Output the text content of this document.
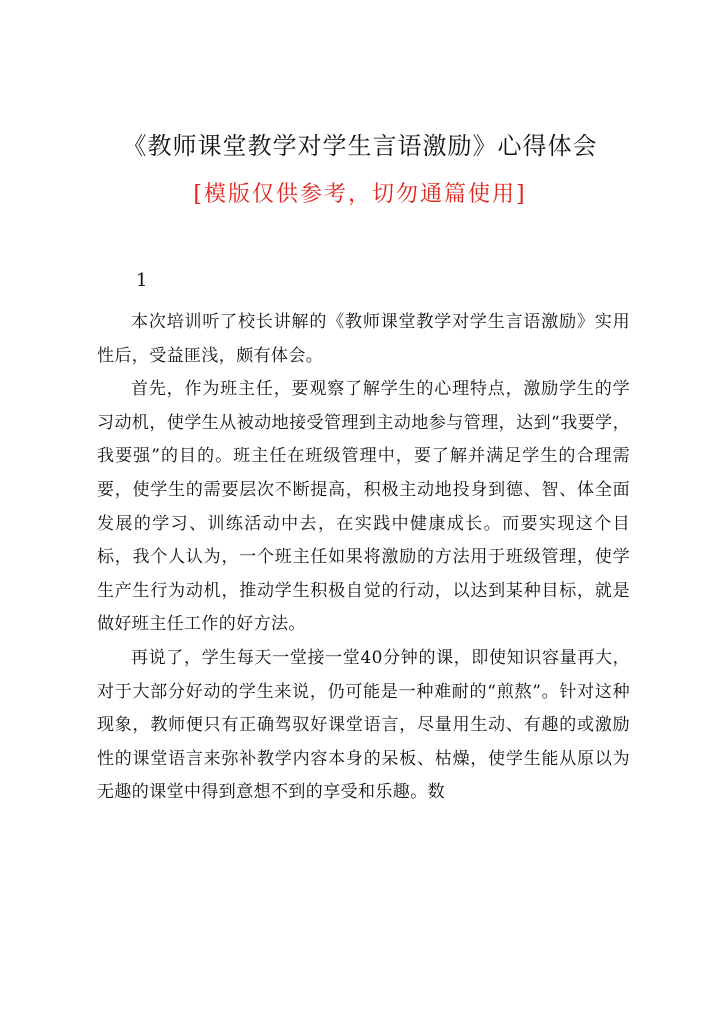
《教师课堂教学对学生言语激励》心得体会
[模版仅供参考，切勿通篇使用]
1

本次培训听了校长讲解的《教师课堂教学对学生言语激励》实用性后，受益匪浅，颇有体会。

首先，作为班主任，要观察了解学生的心理特点，激励学生的学习动机，使学生从被动地接受管理到主动地参与管理，达到“我要学，我要强”的目的。班主任在班级管理中，要了解并满足学生的合理需要，使学生的需要层次不断提高，积极主动地投身到德、智、体全面发展的学习、训练活动中去，在实践中健康成长。而要实现这个目标，我个人认为，一个班主任如果将激励的方法用于班级管理，使学生产生行为动机，推动学生积极自觉的行动，以达到某种目标，就是做好班主任工作的好方法。

再说了，学生每天一堂接一堂40分钟的课，即使知识容量再大，对于大部分好动的学生来说，仍可能是一种难耐的“煎熬”。针对这种现象，教师便只有正确驾驭好课堂语言，尽量用生动、有趣的或激励性的课堂语言来弥补教学内容本身的呆板、枯燥，使学生能从原以为无趣的课堂中得到意想不到的享受和乐趣。数
